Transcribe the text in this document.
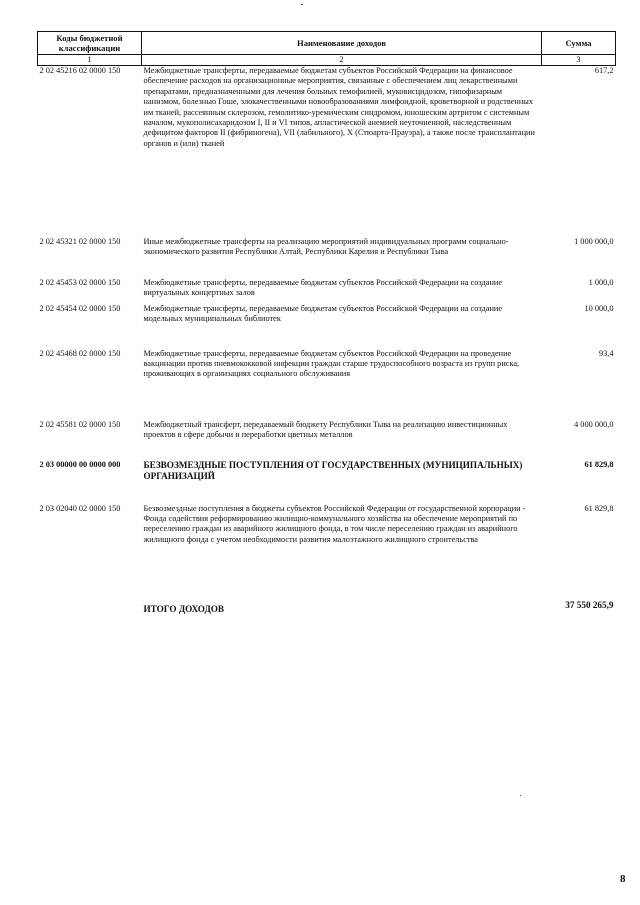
Коды бюджетной классификации	Наименование доходов	Сумма
1	2	3
2 02 45216 02 0000 150	Межбюджетные трансферты, передаваемые бюджетам субъектов Российской Федерации на финансовое обеспечение расходов на организационные мероприятия, связанные с обеспечением лиц лекарственными препаратами, предназначенными для лечения больных гемофилией, муковисцидозом, гипофизарным нанизмом, болезнью Гоше, злокачественными новообразованиями лимфоидной, кроветворной и родственных им тканей, рассеянным склерозом, гемолитико-уремическим синдромом, юношеским артритом с системным началом, мукополисахаридозом I, II и VI типов, апластической анемией неуточненной, наследственным дефицитом факторов II (фибриногена), VII (лабильного), X (Стюарта-Прауэра), а также после трансплантации органов и (или) тканей	617,2
2 02 45321 02 0000 150	Иные межбюджетные трансферты на реализацию мероприятий индивидуальных программ социально-экономического развития Республики Алтай, Республики Карелия и Республики Тыва	1 000 000,0
2 02 45453 02 0000 150	Межбюджетные трансферты, передаваемые бюджетам субъектов Российской Федерации на создание виртуальных концертных залов	1 000,0
2 02 45454 02 0000 150	Межбюджетные трансферты, передаваемые бюджетам субъектов Российской Федерации на создание модельных муниципальных библиотек	10 000,0
2 02 45468 02 0000 150	Межбюджетные трансферты, передаваемые бюджетам субъектов Российской Федерации на проведение вакцинации против пневмококковой инфекции граждан старше трудоспособного возраста из групп риска, проживающих в организациях социального обслуживания	93,4
2 02 45581 02 0000 150	Межбюджетный трансферт, передаваемый бюджету Республики Тыва на реализацию инвестиционных проектов в сфере добычи и переработки цветных металлов	4 000 000,0
2 03 00000 00 0000 000	БЕЗВОЗМЕЗДНЫЕ ПОСТУПЛЕНИЯ ОТ ГОСУДАРСТВЕННЫХ (МУНИЦИПАЛЬНЫХ) ОРГАНИЗАЦИЙ	61 829,8
2 03 02040 02 0000 150	Безвозмездные поступления в бюджеты субъектов Российской Федерации от государственной корпорации - Фонда содействия реформированию жилищно-коммунального хозяйства на обеспечение мероприятий по переселению граждан из аварийного жилищного фонда, в том числе переселению граждан из аварийного жилищного фонда с учетом необходимости развития малоэтажного жилищного строительства	61 829,8
	ИТОГО ДОХОДОВ	37 550 265,9
8
